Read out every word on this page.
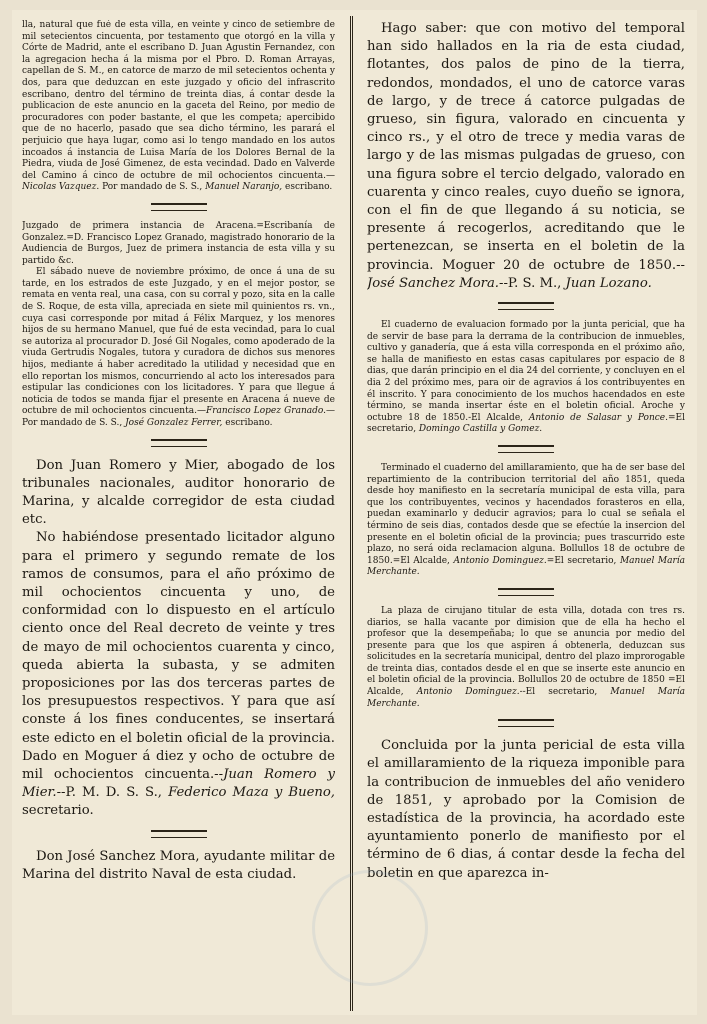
lla, natural que fué de esta villa, en veinte y cinco de setiembre de mil setecientos cincuenta, por testamento que otorgó en la villa y Córte de Madrid, ante el escribano D. Juan Agustin Fernandez, con la agregacion hecha á la misma por el Pbro. D. Roman Arrayas, capellan de S. M., en catorce de marzo de mil setecientos ochenta y dos, para que deduzcan en este juzgado y oficio del infrascrito escribano, dentro del término de treinta dias, á contar desde la publicacion de este anuncio en la gaceta del Reino, por medio de procuradores con poder bastante, el que les competa; apercibido que de no hacerlo, pasado que sea dicho término, les parará el perjuicio que haya lugar, como asi lo tengo mandado en los autos incoados á instancia de Luisa María de los Dolores Bernal de la Piedra, viuda de José Gimenez, de esta vecindad. Dado en Valverde del Camino á cinco de octubre de mil ochocientos cincuenta.—Nicolas Vazquez. Por mandado de S. S., Manuel Naranjo, escribano.

Juzgado de primera instancia de Aracena.=Escribanía de Gonzalez.=D. Francisco Lopez Granado, magistrado honorario de la Audiencia de Burgos, Juez de primera instancia de esta villa y su partido &c.

El sábado nueve de noviembre próximo, de once á una de su tarde, en los estrados de este Juzgado, y en el mejor postor, se remata en venta real, una casa, con su corral y pozo, sita en la calle de S. Roque, de esta villa, apreciada en siete mil quinientos rs. vn., cuya casi corresponde por mitad á Félix Marquez, y los menores hijos de su hermano Manuel, que fué de esta vecindad, para lo cual se autoriza al procurador D. José Gil Nogales, como apoderado de la viuda Gertrudis Nogales, tutora y curadora de dichos sus menores hijos, mediante á haber acreditado la utilidad y necesidad que en ello reportan los mismos, concurriendo al acto los interesados para estipular las condiciones con los licitadores. Y para que llegue á noticia de todos se manda fijar el presente en Aracena á nueve de octubre de mil ochocientos cincuenta.—Francisco Lopez Granado.—Por mandado de S. S., José Gonzalez Ferrer, escribano.

Don Juan Romero y Mier, abogado de los tribunales nacionales, auditor honorario de Marina, y alcalde corregidor de esta ciudad etc.

No habiéndose presentado licitador alguno para el primero y segundo remate de los ramos de consumos, para el año próximo de mil ochocientos cincuenta y uno, de conformidad con lo dispuesto en el artículo ciento once del Real decreto de veinte y tres de mayo de mil ochocientos cuarenta y cinco, queda abierta la subasta, y se admiten proposiciones por las dos terceras partes de los presupuestos respectivos. Y para que así conste á los fines conducentes, se insertará este edicto en el boletin oficial de la provincia. Dado en Moguer á diez y ocho de octubre de mil ochocientos cincuenta.--Juan Romero y Mier.--P. M. D. S. S., Federico Maza y Bueno, secretario.

Don José Sanchez Mora, ayudante militar de Marina del distrito Naval de esta ciudad.

Hago saber: que con motivo del temporal han sido hallados en la ria de esta ciudad, flotantes, dos palos de pino de la tierra, redondos, mondados, el uno de catorce varas de largo, y de trece á catorce pulgadas de grueso, sin figura, valorado en cincuenta y cinco rs., y el otro de trece y media varas de largo y de las mismas pulgadas de grueso, con una figura sobre el tercio delgado, valorado en cuarenta y cinco reales, cuyo dueño se ignora, con el fin de que llegando á su noticia, se presente á recogerlos, acreditando que le pertenezcan, se inserta en el boletin de la provincia. Moguer 20 de octubre de 1850.--José Sanchez Mora.--P. S. M., Juan Lozano.

El cuaderno de evaluacion formado por la junta pericial, que ha de servir de base para la derrama de la contribucion de inmuebles, cultivo y ganadería, que á esta villa corresponda en el próximo año, se halla de manifiesto en estas casas capitulares por espacio de 8 dias, que darán principio en el dia 24 del corriente, y concluyen en el dia 2 del próximo mes, para oir de agravios á los contribuyentes en él inscrito. Y para conocimiento de los muchos hacendados en este término, se manda insertar éste en el boletin oficial. Aroche y octubre 18 de 1850.-El Alcalde, Antonio de Salasar y Ponce.=El secretario, Domingo Castilla y Gomez.

Terminado el cuaderno del amillaramiento, que ha de ser base del repartimiento de la contribucion territorial del año 1851, queda desde hoy manifiesto en la secretaría municipal de esta villa, para que los contribuyentes, vecinos y hacendados forasteros en ella, puedan examinarlo y deducir agravios; para lo cual se señala el término de seis dias, contados desde que se efectúe la insercion del presente en el boletin oficial de la provincia; pues trascurrido este plazo, no será oida reclamacion alguna. Bollullos 18 de octubre de 1850.=El Alcalde, Antonio Dominguez.=El secretario, Manuel María Merchante.

La plaza de cirujano titular de esta villa, dotada con tres rs. diarios, se halla vacante por dimision que de ella ha hecho el profesor que la desempeñaba; lo que se anuncia por medio del presente para que los que aspiren á obtenerla, deduzcan sus solicitudes en la secretaría municipal, dentro del plazo improrogable de treinta dias, contados desde el en que se inserte este anuncio en el boletin oficial de la provincia. Bollullos 20 de octubre de 1850 =El Alcalde, Antonio Dominguez.--El secretario, Manuel María Merchante.

Concluida por la junta pericial de esta villa el amillaramiento de la riqueza imponible para la contribucion de inmuebles del año venidero de 1851, y aprobado por la Comision de estadística de la provincia, ha acordado este ayuntamiento ponerlo de manifiesto por el término de 6 dias, á contar desde la fecha del boletin en que aparezca in-
